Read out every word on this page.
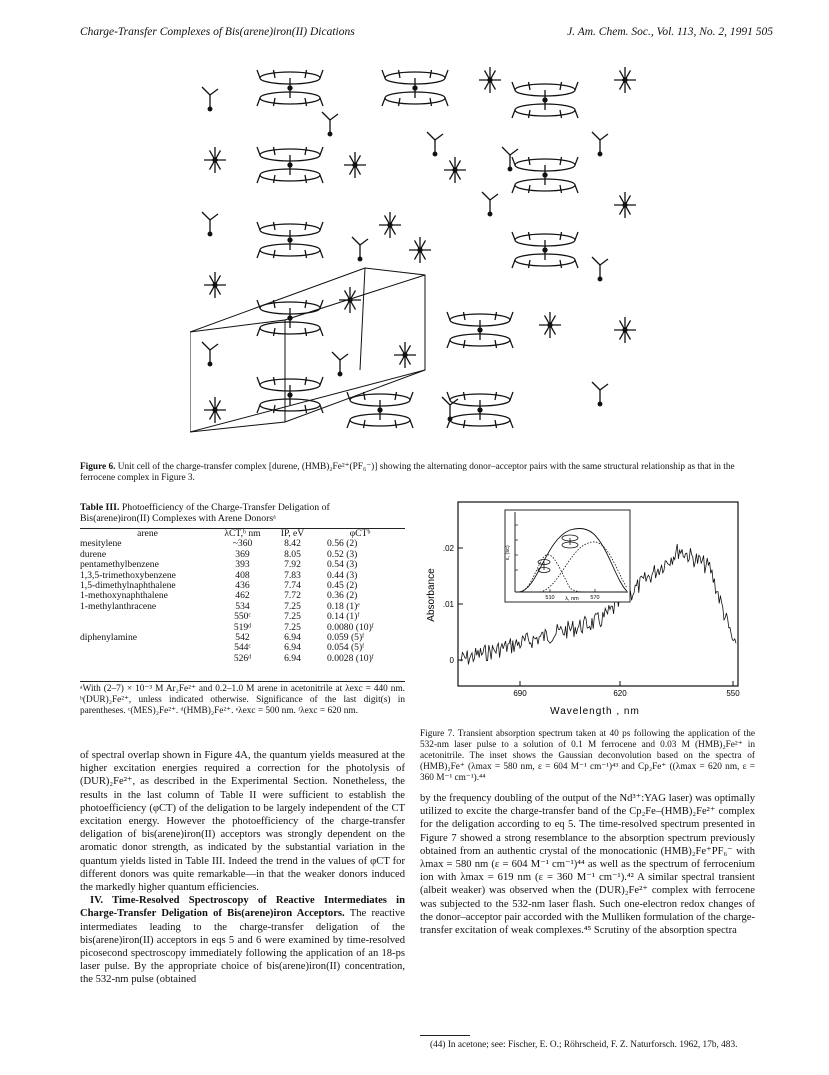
Charge-Transfer Complexes of Bis(arene)iron(II) Dications	J. Am. Chem. Soc., Vol. 113, No. 2, 1991 505
Figure 6. Unit cell of the charge-transfer complex [durene, (HMB)₂Fe²⁺(PF₆⁻)] showing the alternating donor–acceptor pairs with the same structural relationship as that in the ferrocene complex in Figure 3.
Table III. Photoefficiency of the Charge-Transfer Deligation of Bis(arene)iron(II) Complexes with Arene Donorsᵃ
arene	λCT,ᵇ nm	IP, eV	φCTᵇ
mesitylene	~360	8.42	0.56 (2)
durene	369	8.05	0.52 (3)
pentamethylbenzene	393	7.92	0.54 (3)
1,3,5-trimethoxybenzene	408	7.83	0.44 (3)
1,5-dimethylnaphthalene	436	7.74	0.45 (2)
1-methoxynaphthalene	462	7.72	0.36 (2)
1-methylanthracene	534	7.25	0.18 (1)ᵉ
	550ᶜ	7.25	0.14 (1)ᶠ
	519ᵈ	7.25	0.0080 (10)ᶠ
diphenylamine	542	6.94	0.059 (5)ᶠ
	544ᶜ	6.94	0.054 (5)ᶠ
	526ᵈ	6.94	0.0028 (10)ᶠ
ᵃWith (2–7) × 10⁻³ M Ar₂Fe²⁺ and 0.2–1.0 M arene in acetonitrile at λexc = 440 nm. ᵇ(DUR)₂Fe²⁺, unless indicated otherwise. Significance of the last digit(s) in parentheses. ᶜ(MES)₂Fe²⁺. ᵈ(HMB)₂Fe²⁺. ᵉλexc = 500 nm. ᶠλexc = 620 nm.

of spectral overlap shown in Figure 4A, the quantum yields measured at the higher excitation energies required a correction for the photolysis of (DUR)₂Fe²⁺, as described in the Experimental Section. Nonetheless, the results in the last column of Table II were sufficient to establish the photoefficiency (φCT) of the deligation to be largely independent of the CT excitation energy. However the photoefficiency of the charge-transfer deligation of bis(arene)iron(II) acceptors was strongly dependent on the aromatic donor strength, as indicated by the substantial variation in the quantum yields listed in Table III. Indeed the trend in the values of φCT for different donors was quite remarkable—in that the weaker donors induced the markedly higher quantum efficiencies.

IV. Time-Resolved Spectroscopy of Reactive Intermediates in Charge-Transfer Deligation of Bis(arene)iron Acceptors. The reactive intermediates leading to the charge-transfer deligation of the bis(arene)iron(II) acceptors in eqs 5 and 6 were examined by time-resolved picosecond spectroscopy immediately following the application of an 18-ps laser pulse. By the appropriate choice of bis(arene)iron(II) concentration, the 532-nm pulse (obtained

.02
.01
0
690	620	550
Wavelength , nm
Absorbance
ε, (sc)
510	570
λ, nm
Figure 7. Transient absorption spectrum taken at 40 ps following the application of the 532-nm laser pulse to a solution of 0.1 M ferrocene and 0.03 M (HMB)₂Fe²⁺ in acetonitrile. The inset shows the Gaussian deconvolution based on the spectra of (HMB)₂Fe⁺ (λmax = 580 nm, ε = 604 M⁻¹ cm⁻¹)⁴³ and Cp₂Fe⁺ ((λmax = 620 nm, ε = 360 M⁻¹ cm⁻¹).⁴⁴

by the frequency doubling of the output of the Nd³⁺:YAG laser) was optimally utilized to excite the charge-transfer band of the Cp₂Fe–(HMB)₂Fe²⁺ complex for the deligation according to eq 5. The time-resolved spectrum presented in Figure 7 showed a strong resemblance to the absorption spectrum previously obtained from an authentic crystal of the monocationic (HMB)₂Fe⁺PF₆⁻ with λmax = 580 nm (ε = 604 M⁻¹ cm⁻¹)⁴⁴ as well as the spectrum of ferrocenium ion with λmax = 619 nm (ε = 360 M⁻¹ cm⁻¹).⁴² A similar spectral transient (albeit weaker) was observed when the (DUR)₂Fe²⁺ complex with ferrocene was subjected to the 532-nm laser flash. Such one-electron redox changes of the donor–acceptor pair accorded with the Mulliken formulation of the charge-transfer excitation of weak complexes.⁴⁵ Scrutiny of the absorption spectra

(44) In acetone; see: Fischer, E. O.; Röhrscheid, F. Z. Naturforsch. 1962, 17b, 483.
